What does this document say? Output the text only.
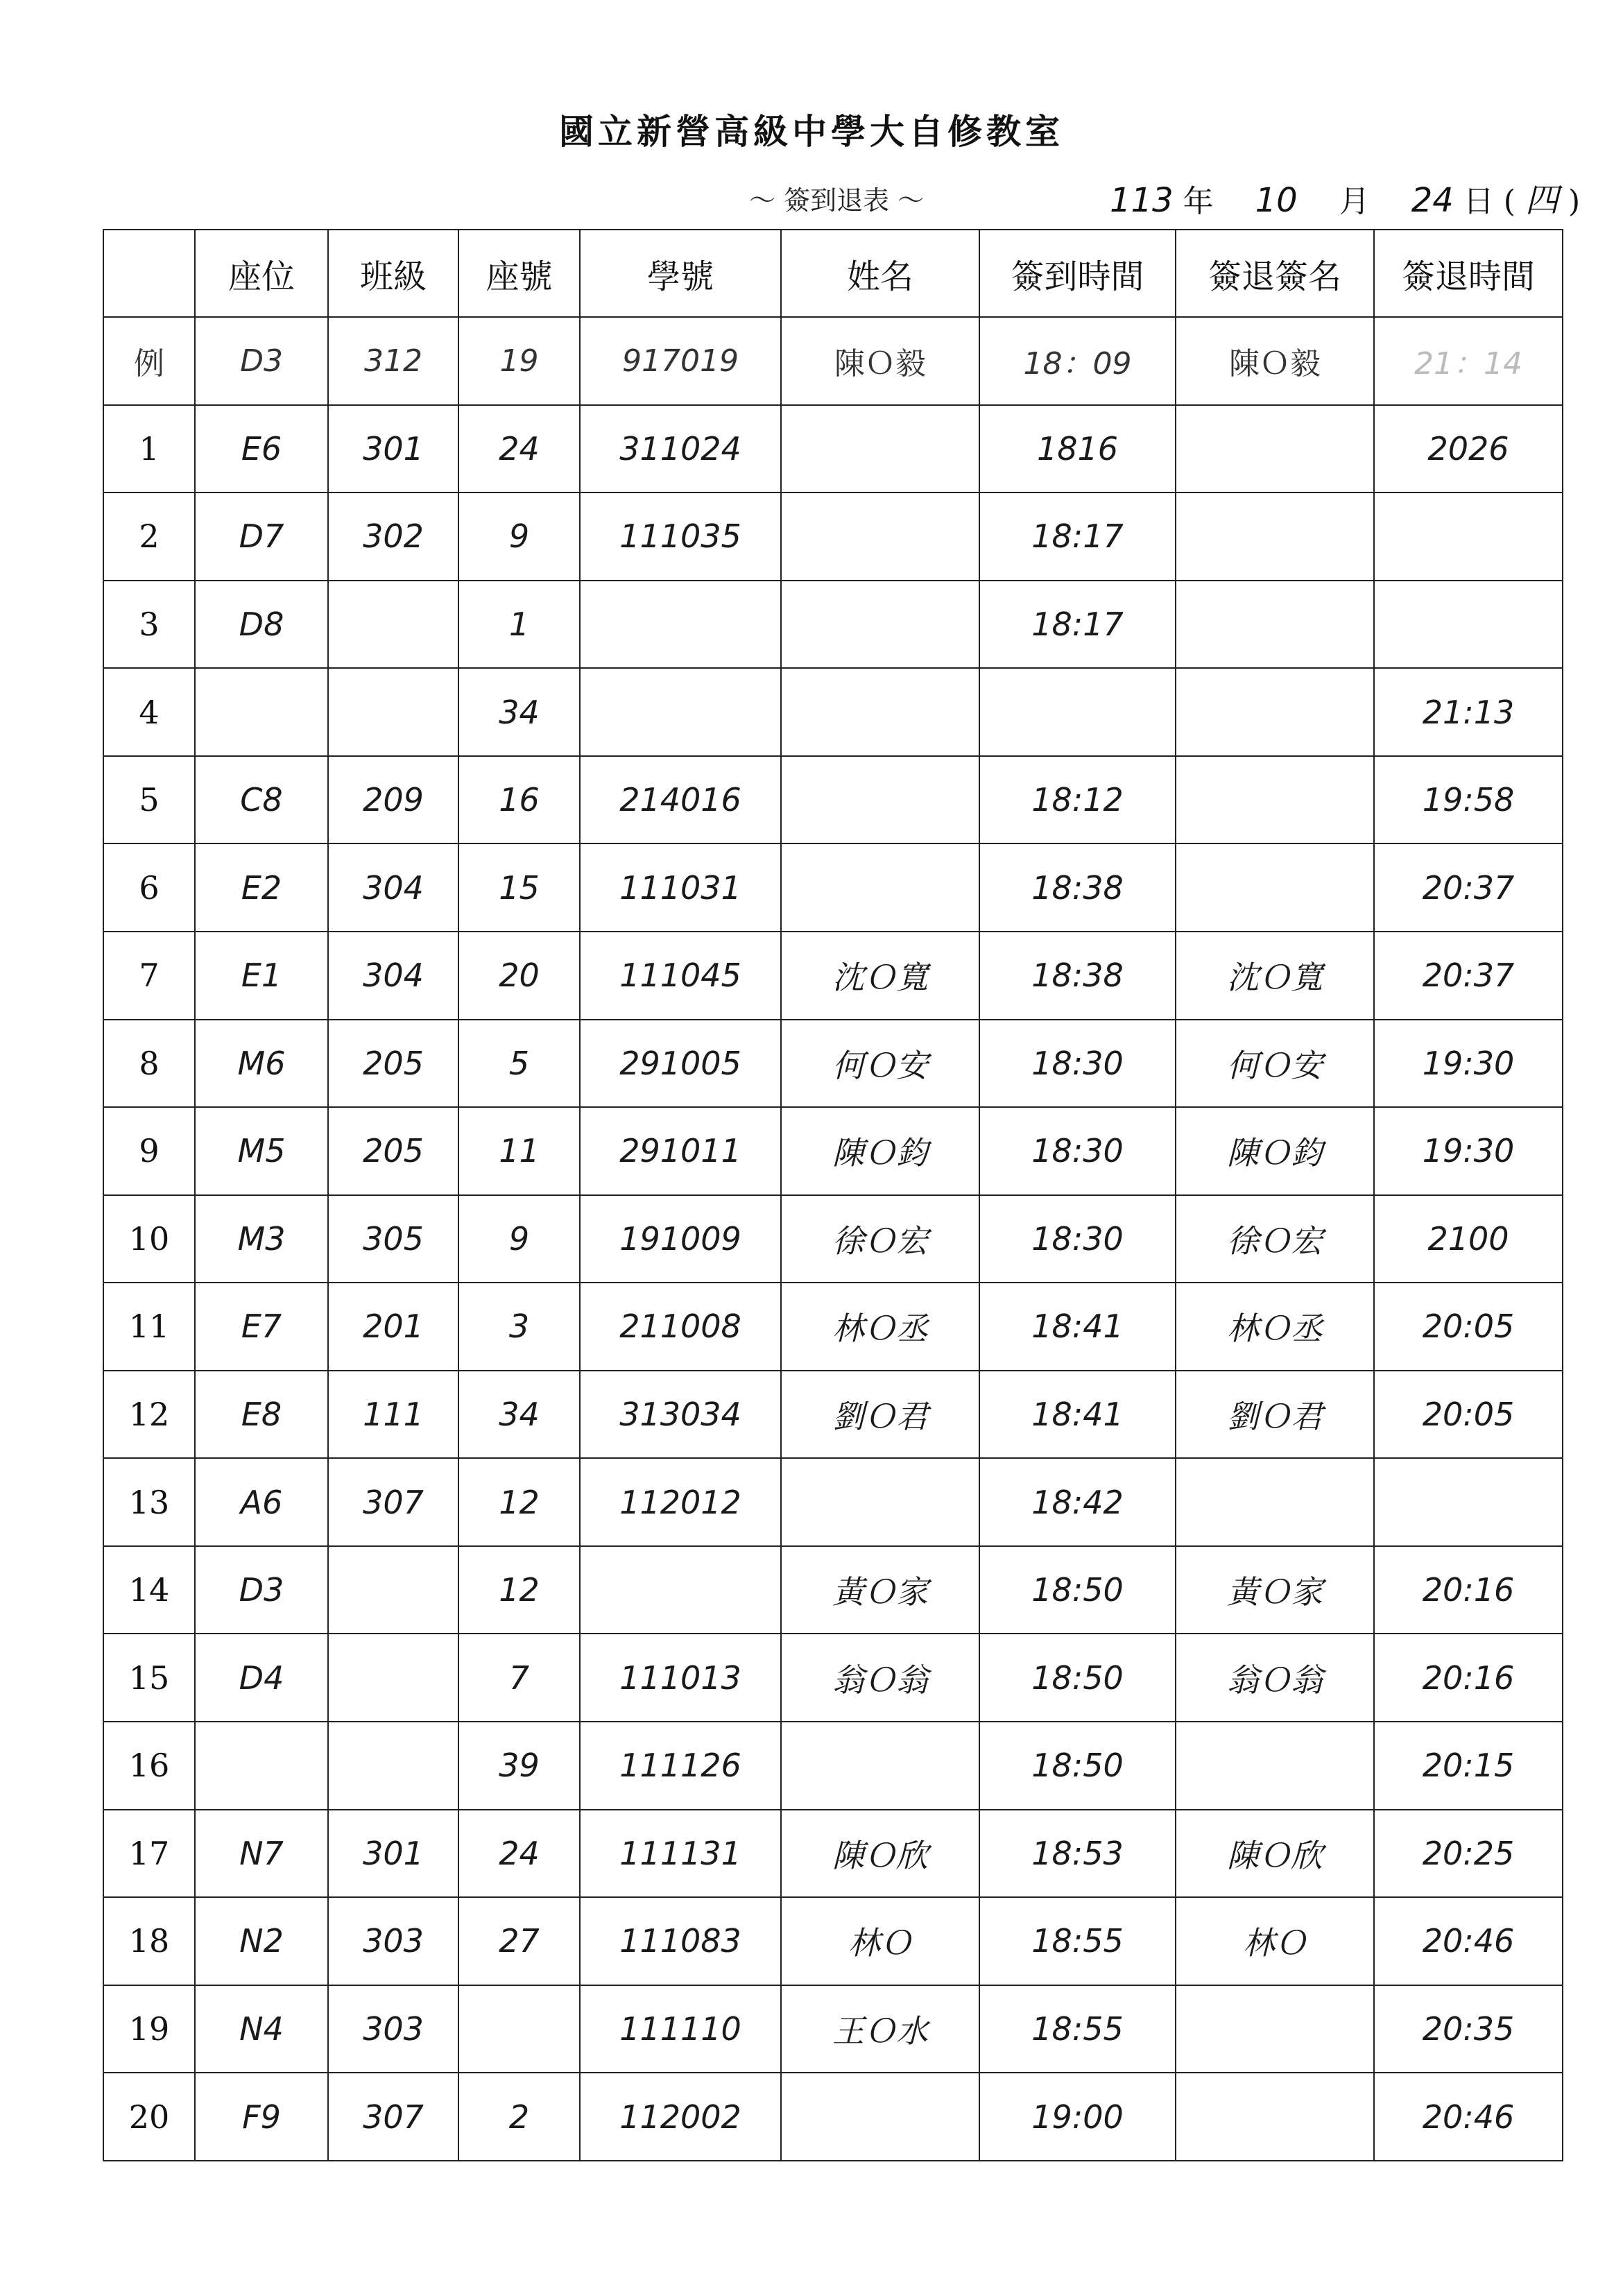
國立新營高級中學大自修教室
～ 簽到退表 ～	113 年 10 月 24 日 ( 四 )
	座位	班級	座號	學號	姓名	簽到時間	簽退簽名	簽退時間
例	D3	312	19	917019	陳Ｏ毅	18：09	陳Ｏ毅	21：14
1	E6	301	24	311024		1816		2026
2	D7	302	9	111035		18:17		
3	D8		1			18:17		
4			34					21:13
5	C8	209	16	214016		18:12		19:58
6	E2	304	15	111031		18:38		20:37
7	E1	304	20	111045	沈Ｏ寬	18:38	沈Ｏ寬	20:37
8	M6	205	5	291005	何Ｏ安	18:30	何Ｏ安	19:30
9	M5	205	11	291011	陳Ｏ鈞	18:30	陳Ｏ鈞	19:30
10	M3	305	9	191009	徐Ｏ宏	18:30	徐Ｏ宏	2100
11	E7	201	3	211008	林Ｏ丞	18:41	林Ｏ丞	20:05
12	E8	111	34	313034	劉Ｏ君	18:41	劉Ｏ君	20:05
13	A6	307	12	112012		18:42		
14	D3		12		黃Ｏ家	18:50	黃Ｏ家	20:16
15	D4		7	111013	翁Ｏ翁	18:50	翁Ｏ翁	20:16
16			39	111126		18:50		20:15
17	N7	301	24	111131	陳Ｏ欣	18:53	陳Ｏ欣	20:25
18	N2	303	27	111083	林Ｏ	18:55	林Ｏ	20:46
19	N4	303		111110	王Ｏ水	18:55		20:35
20	F9	307	2	112002		19:00		20:46
